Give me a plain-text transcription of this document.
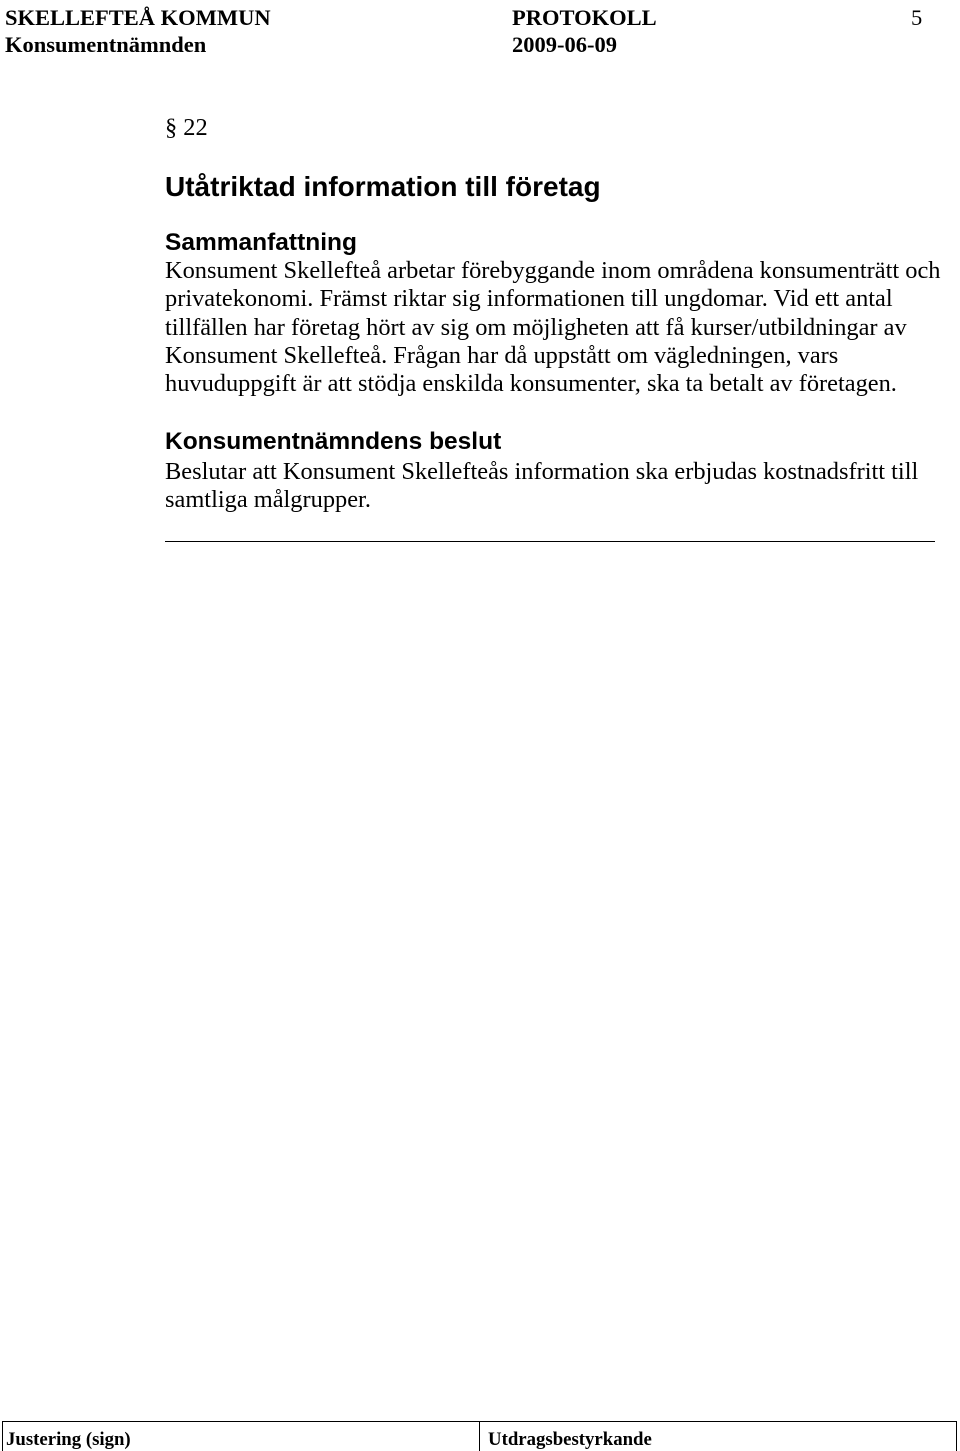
SKELLEFTEÅ KOMMUN	PROTOKOLL	5
Konsumentnämnden	2009-06-09
§ 22
Utåtriktad information till företag
Sammanfattning

Konsument Skellefteå arbetar förebyggande inom områdena konsumenträtt och privatekonomi. Främst riktar sig informationen till ungdomar. Vid ett antal tillfällen har företag hört av sig om möjligheten att få kurser/utbildningar av Konsument Skellefteå. Frågan har då uppstått om vägledningen, vars huvuduppgift är att stödja enskilda konsumenter, ska ta betalt av företagen.

Konsumentnämndens beslut

Beslutar att Konsument Skellefteås information ska erbjudas kostnadsfritt till samtliga målgrupper.

Justering (sign)	Utdragsbestyrkande
